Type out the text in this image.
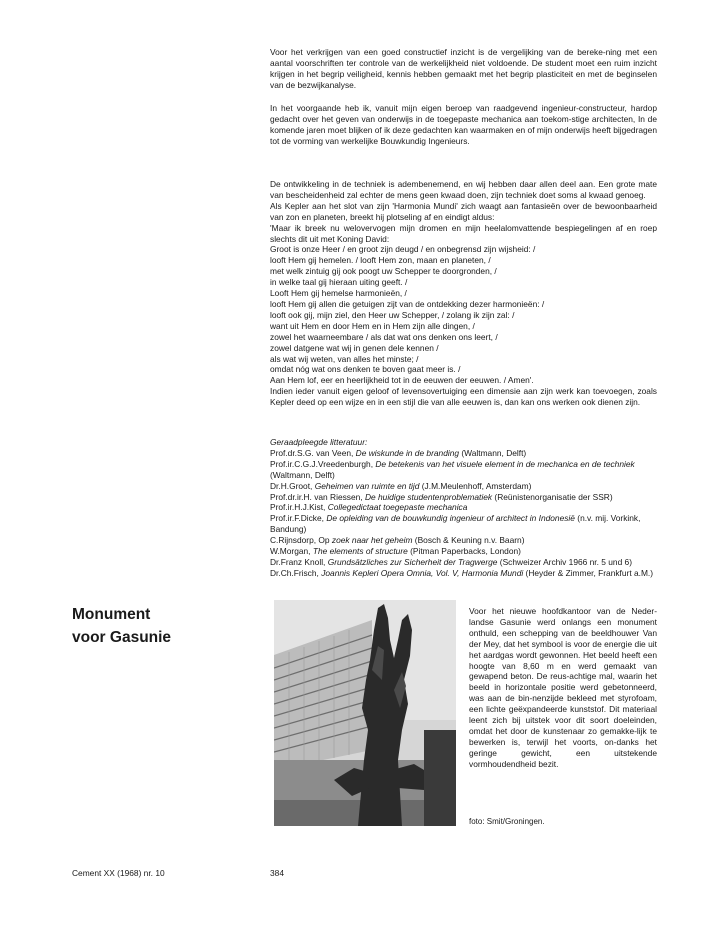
Voor het verkrijgen van een goed constructief inzicht is de vergelijking van de bereke-ning met een aantal voorschriften ter controle van de werkelijkheid niet voldoende. De student moet een ruim inzicht krijgen in het begrip veiligheid, kennis hebben gemaakt met het begrip plasticiteit en met de beginselen van de bezwijkanalyse.

In het voorgaande heb ik, vanuit mijn eigen beroep van raadgevend ingenieur-constructeur, hardop gedacht over het geven van onderwijs in de toegepaste mechanica aan toekom-stige architecten, In de komende jaren moet blijken of ik deze gedachten kan waarmaken en of mijn onderwijs heeft bijgedragen tot de vorming van werkelijke Bouwkundig Ingenieurs.

De ontwikkeling in de techniek is adembenemend, en wij hebben daar allen deel aan. Een grote mate van bescheidenheid zal echter de mens geen kwaad doen, zijn techniek doet soms al kwaad genoeg.

Als Kepler aan het slot van zijn 'Harmonia Mundi' zich waagt aan fantasieën over de bewoonbaarheid van zon en planeten, breekt hij plotseling af en eindigt aldus:

'Maar ik breek nu welovervogen mijn dromen en mijn heelalomvattende bespiegelingen af en roep slechts dit uit met Koning David:

Groot is onze Heer / en groot zijn deugd / en onbegrensd zijn wijsheid: /
looft Hem gij hemelen. / looft Hem zon, maan en planeten, /
met welk zintuig gij ook poogt uw Schepper te doorgronden, /
in welke taal gij hieraan uiting geeft. /
Looft Hem gij hemelse harmonieën, /
looft Hem gij allen die getuigen zijt van de ontdekking dezer harmonieën: /
looft ook gij, mijn ziel, den Heer uw Schepper, / zolang ik zijn zal: /
want uit Hem en door Hem en in Hem zijn alle dingen, /
zowel het waarneembare / als dat wat ons denken ons leert, /
zowel datgene wat wij in genen dele kennen /
als wat wij weten, van alles het minste; /
omdat nóg wat ons denken te boven gaat meer is. /
Aan Hem lof, eer en heerlijkheid tot in de eeuwen der eeuwen. / Amen'.

Indien ieder vanuit eigen geloof of levensovertuiging een dimensie aan zijn werk kan toevoegen, zoals Kepler deed op een wijze en in een stijl die van alle eeuwen is, dan kan ons werken ook dienen zijn.

Geraadpleegde litteratuur:
Prof.dr.S.G. van Veen, De wiskunde in de branding (Waltmann, Delft)
Prof.ir.C.G.J.Vreedenburgh, De betekenis van het visuele element in de mechanica en de techniek (Waltmann, Delft)
Dr.H.Groot, Geheimen van ruimte en tijd (J.M.Meulenhoff, Amsterdam)
Prof.dr.ir.H. van Riessen, De huidige studentenproblematiek (Reünistenorganisatie der SSR)
Prof.ir.H.J.Kist, Collegedictaat toegepaste mechanica
Prof.ir.F.Dicke, De opleiding van de bouwkundig ingenieur of architect in Indonesië (n.v. mij. Vorkink, Bandung)
C.Rijnsdorp, Op zoek naar het geheim (Bosch & Keuning n.v. Baarn)
W.Morgan, The elements of structure (Pitman Paperbacks, London)
Dr.Franz Knoll, Grundsätzliches zur Sicherheit der Tragwerge (Schweizer Archiv 1966 nr. 5 und 6)
Dr.Ch.Frisch, Joannis Kepleri Opera Omnia, Vol. V, Harmonia Mundi (Heyder & Zimmer, Frankfurt a.M.)
Monument
voor Gasunie
Voor het nieuwe hoofdkantoor van de Neder-landse Gasunie werd onlangs een monument onthuld, een schepping van de beeldhouwer Van der Mey, dat het symbool is voor de energie die uit het aardgas wordt gewonnen. Het beeld heeft een hoogte van 8,60 m en werd gemaakt van gewapend beton. De reus-achtige mal, waarin het beeld in horizontale positie werd gebetonneerd, was aan de bin-nenzijde bekleed met styrofoam, een lichte geëxpandeerde kunststof. Dit materiaal leent zich bij uitstek voor dit soort doeleinden, omdat het door de kunstenaar zo gemakke-lijk te bewerken is, terwijl het voorts, on-danks het geringe gewicht, een uitstekende vormhoudendheid bezit.
foto: Smit/Groningen.
Cement XX (1968) nr. 10	384
